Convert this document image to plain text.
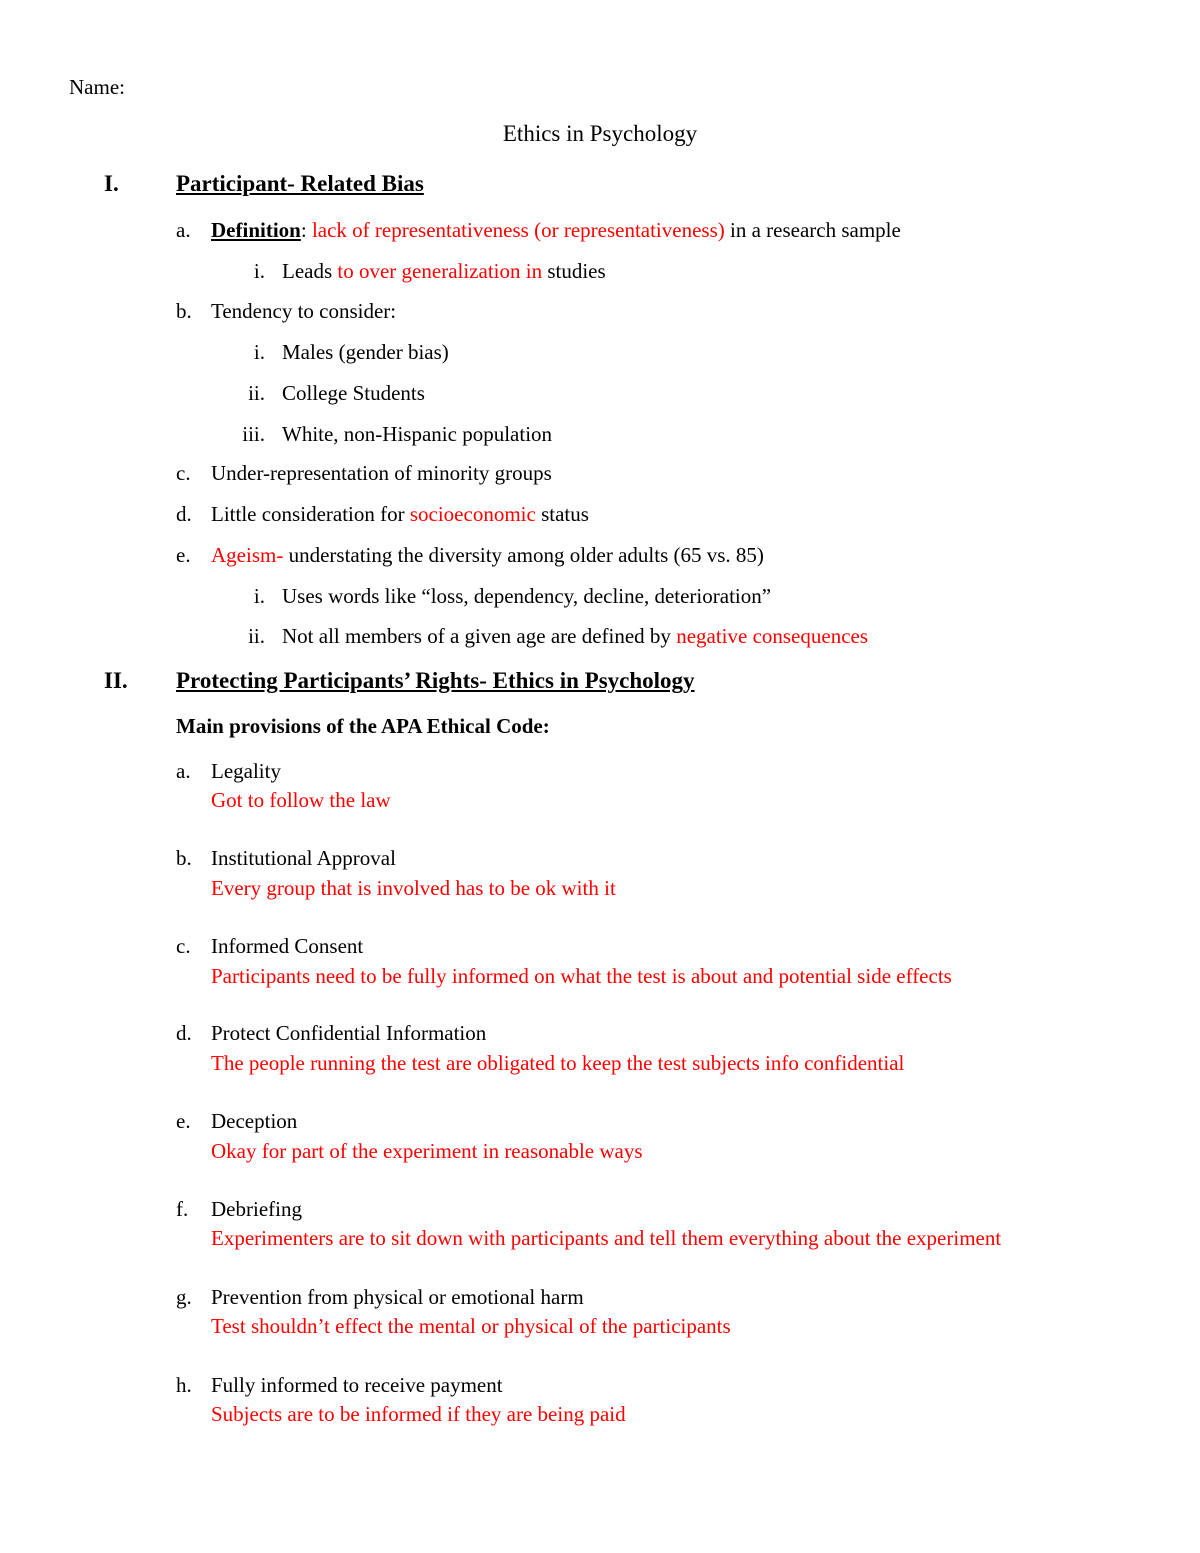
Name:
Ethics in Psychology
I. Participant- Related Bias
a. Definition: lack of representativeness (or representativeness) in a research sample
i. Leads to over generalization in studies
b. Tendency to consider:
i. Males (gender bias)
ii. College Students
iii. White, non-Hispanic population
c. Under-representation of minority groups
d. Little consideration for socioeconomic status
e. Ageism- understating the diversity among older adults (65 vs. 85)
i. Uses words like “loss, dependency, decline, deterioration”
ii. Not all members of a given age are defined by negative consequences
II. Protecting Participants’ Rights- Ethics in Psychology
Main provisions of the APA Ethical Code:
a. Legality
Got to follow the law
b. Institutional Approval
Every group that is involved has to be ok with it
c. Informed Consent
Participants need to be fully informed on what the test is about and potential side effects
d. Protect Confidential Information
The people running the test are obligated to keep the test subjects info confidential
e. Deception
Okay for part of the experiment in reasonable ways
f. Debriefing
Experimenters are to sit down with participants and tell them everything about the experiment
g. Prevention from physical or emotional harm
Test shouldn’t effect the mental or physical of the participants
h. Fully informed to receive payment
Subjects are to be informed if they are being paid
